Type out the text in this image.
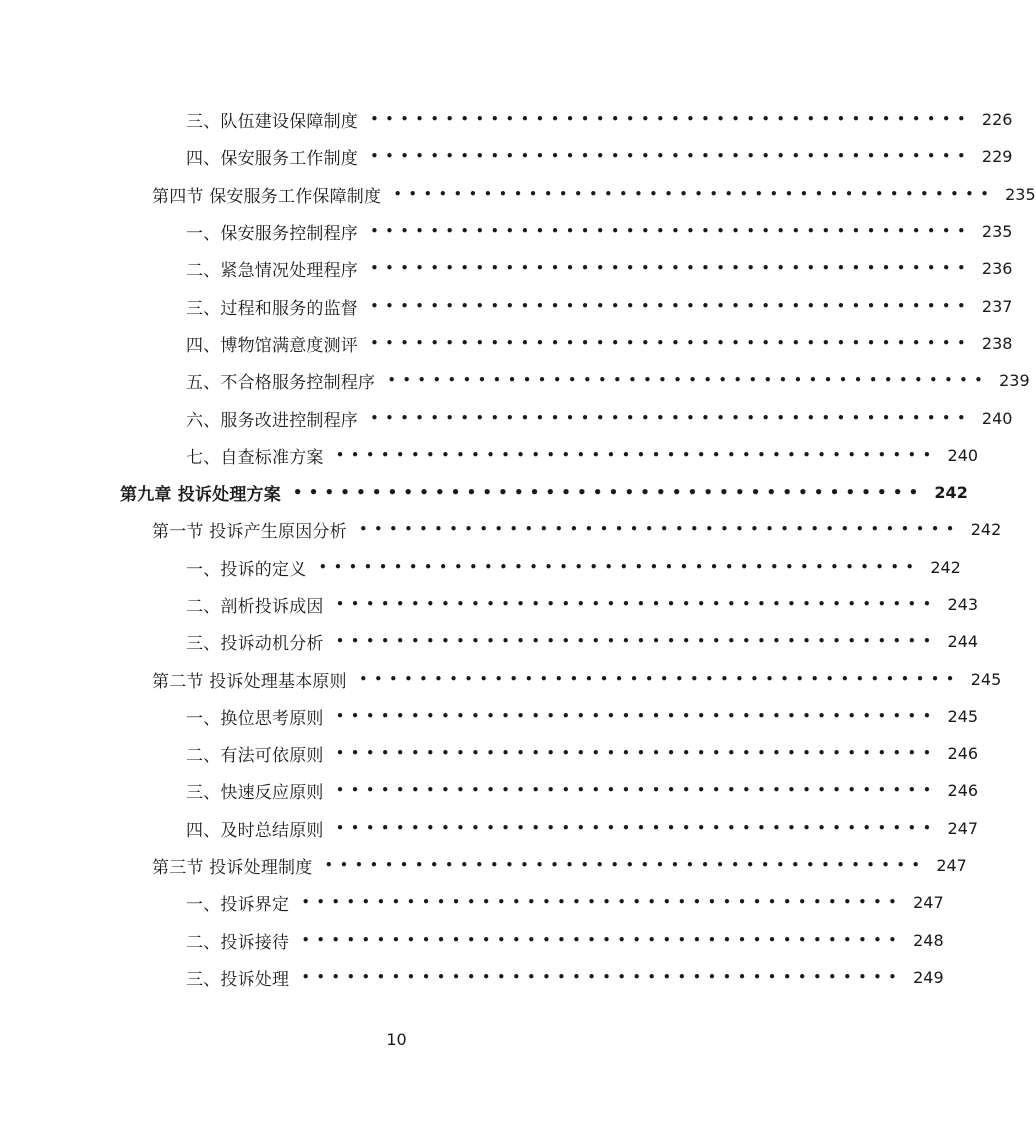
三、队伍建设保障制度 •••••••••••••••••••••••••••••••••••••••• 226
四、保安服务工作制度 •••••••••••••••••••••••••••••••••••••••• 229
第四节 保安服务工作保障制度 •••••••••••••••••••••••••••••••••••••••• 235
一、保安服务控制程序 •••••••••••••••••••••••••••••••••••••••• 235
二、紧急情况处理程序 •••••••••••••••••••••••••••••••••••••••• 236
三、过程和服务的监督 •••••••••••••••••••••••••••••••••••••••• 237
四、博物馆满意度测评 •••••••••••••••••••••••••••••••••••••••• 238
五、不合格服务控制程序 •••••••••••••••••••••••••••••••••••••••• 239
六、服务改进控制程序 •••••••••••••••••••••••••••••••••••••••• 240
七、自查标准方案 •••••••••••••••••••••••••••••••••••••••• 240
第九章 投诉处理方案 •••••••••••••••••••••••••••••••••••••••• 242
第一节 投诉产生原因分析 •••••••••••••••••••••••••••••••••••••••• 242
一、投诉的定义 •••••••••••••••••••••••••••••••••••••••• 242
二、剖析投诉成因 •••••••••••••••••••••••••••••••••••••••• 243
三、投诉动机分析 •••••••••••••••••••••••••••••••••••••••• 244
第二节 投诉处理基本原则 •••••••••••••••••••••••••••••••••••••••• 245
一、换位思考原则 •••••••••••••••••••••••••••••••••••••••• 245
二、有法可依原则 •••••••••••••••••••••••••••••••••••••••• 246
三、快速反应原则 •••••••••••••••••••••••••••••••••••••••• 246
四、及时总结原则 •••••••••••••••••••••••••••••••••••••••• 247
第三节 投诉处理制度 •••••••••••••••••••••••••••••••••••••••• 247
一、投诉界定 •••••••••••••••••••••••••••••••••••••••• 247
二、投诉接待 •••••••••••••••••••••••••••••••••••••••• 248
三、投诉处理 •••••••••••••••••••••••••••••••••••••••• 249
10
